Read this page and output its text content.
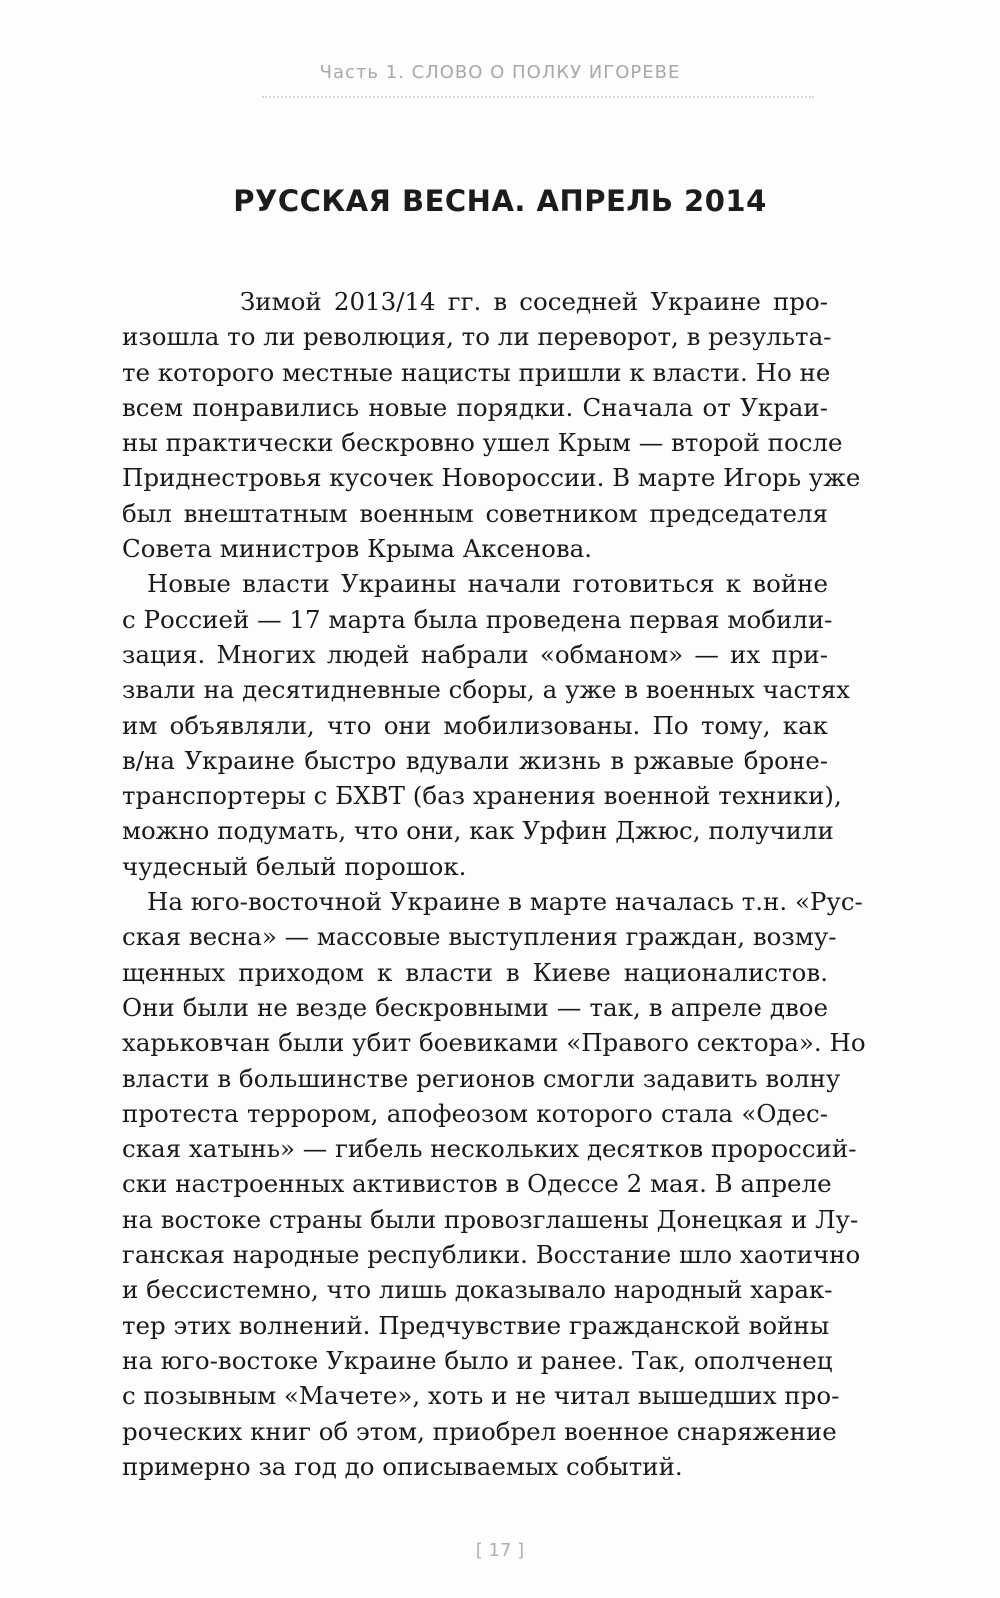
Часть 1. СЛОВО О ПОЛКУ ИГОРЕВЕ
РУССКАЯ ВЕСНА. АПРЕЛЬ 2014
Зимой 2013/14 гг. в соседней Украине про-
изошла то ли революция, то ли переворот, в результа-
те которого местные нацисты пришли к власти. Но не
всем понравились новые порядки. Сначала от Украи-
ны практически бескровно ушел Крым — второй после
Приднестровья кусочек Новороссии. В марте Игорь уже
был внештатным военным советником председателя
Совета министров Крыма Аксенова.
Новые власти Украины начали готовиться к войне
с Россией — 17 марта была проведена первая мобили-
зация. Многих людей набрали «обманом» — их при-
звали на десятидневные сборы, а уже в военных частях
им объявляли, что они мобилизованы. По тому, как
в/на Украине быстро вдували жизнь в ржавые броне-
транспортеры с БХВТ (баз хранения военной техники),
можно подумать, что они, как Урфин Джюс, получили
чудесный белый порошок.
На юго-восточной Украине в марте началась т.н. «Рус-
ская весна» — массовые выступления граждан, возму-
щенных приходом к власти в Киеве националистов.
Они были не везде бескровными — так, в апреле двое
харьковчан были убит боевиками «Правого сектора». Но
власти в большинстве регионов смогли задавить волну
протеста террором, апофеозом которого стала «Одес-
ская хатынь» — гибель нескольких десятков пророссий-
ски настроенных активистов в Одессе 2 мая. В апреле
на востоке страны были провозглашены Донецкая и Лу-
ганская народные республики. Восстание шло хаотично
и бессистемно, что лишь доказывало народный харак-
тер этих волнений. Предчувствие гражданской войны
на юго-востоке Украине было и ранее. Так, ополченец
с позывным «Мачете», хоть и не читал вышедших про-
роческих книг об этом, приобрел военное снаряжение
примерно за год до описываемых событий.
[ 17 ]
